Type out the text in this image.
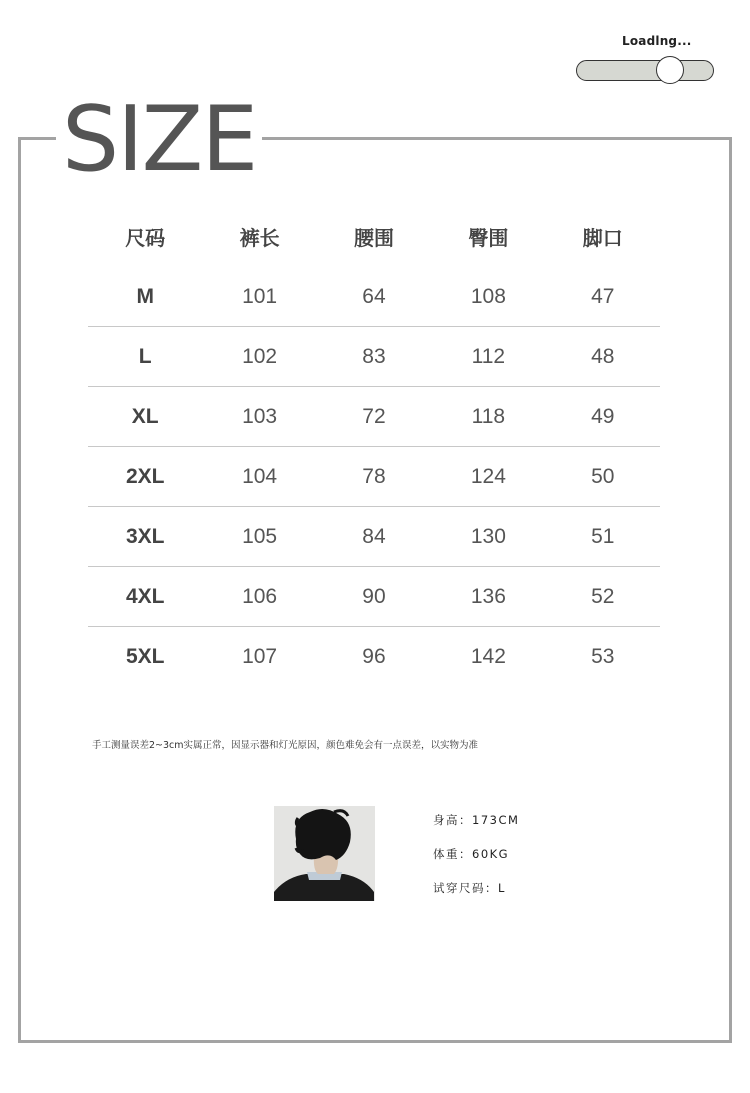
Loadlng...
SIZE
尺码	裤长	腰围	臀围	脚口
M	101	64	108	47
L	102	83	112	48
XL	103	72	118	49
2XL	104	78	124	50
3XL	105	84	130	51
4XL	106	90	136	52
5XL	107	96	142	53
手工测量误差2~3cm实属正常，因显示器和灯光原因，颜色难免会有一点误差，以实物为准
身高：173CM
体重：60KG
试穿尺码：L
